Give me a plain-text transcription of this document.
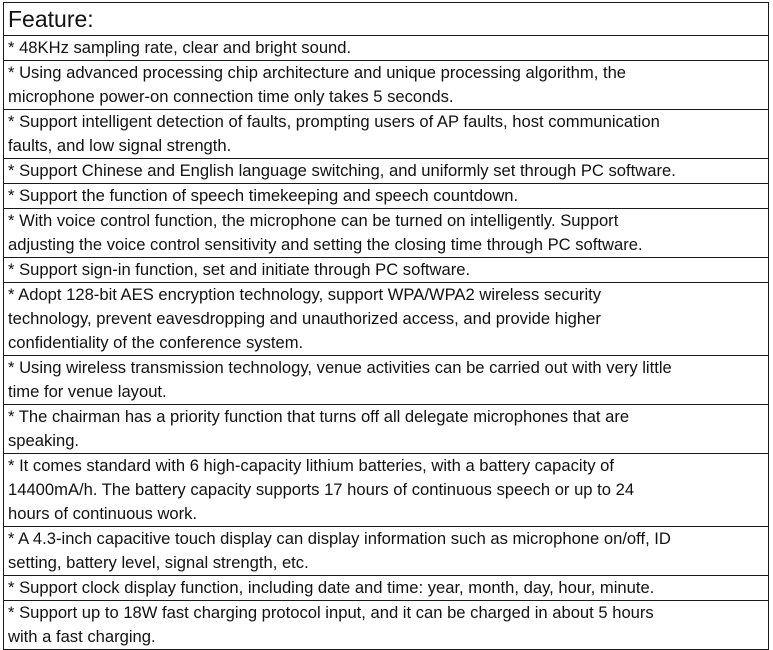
Feature:
* 48KHz sampling rate, clear and bright sound.
* Using advanced processing chip architecture and unique processing algorithm, the
microphone power-on connection time only takes 5 seconds.
* Support intelligent detection of faults, prompting users of AP faults, host communication
faults, and low signal strength.
* Support Chinese and English language switching, and uniformly set through PC software.
* Support the function of speech timekeeping and speech countdown.
* With voice control function, the microphone can be turned on intelligently. Support
adjusting the voice control sensitivity and setting the closing time through PC software.
* Support sign-in function, set and initiate through PC software.
* Adopt 128-bit AES encryption technology, support WPA/WPA2 wireless security
technology, prevent eavesdropping and unauthorized access, and provide higher
confidentiality of the conference system.
* Using wireless transmission technology, venue activities can be carried out with very little
time for venue layout.
* The chairman has a priority function that turns off all delegate microphones that are
speaking.
* It comes standard with 6 high-capacity lithium batteries, with a battery capacity of
14400mA/h. The battery capacity supports 17 hours of continuous speech or up to 24
hours of continuous work.
* A 4.3-inch capacitive touch display can display information such as microphone on/off, ID
setting, battery level, signal strength, etc.
* Support clock display function, including date and time: year, month, day, hour, minute.
* Support up to 18W fast charging protocol input, and it can be charged in about 5 hours
with a fast charging.
